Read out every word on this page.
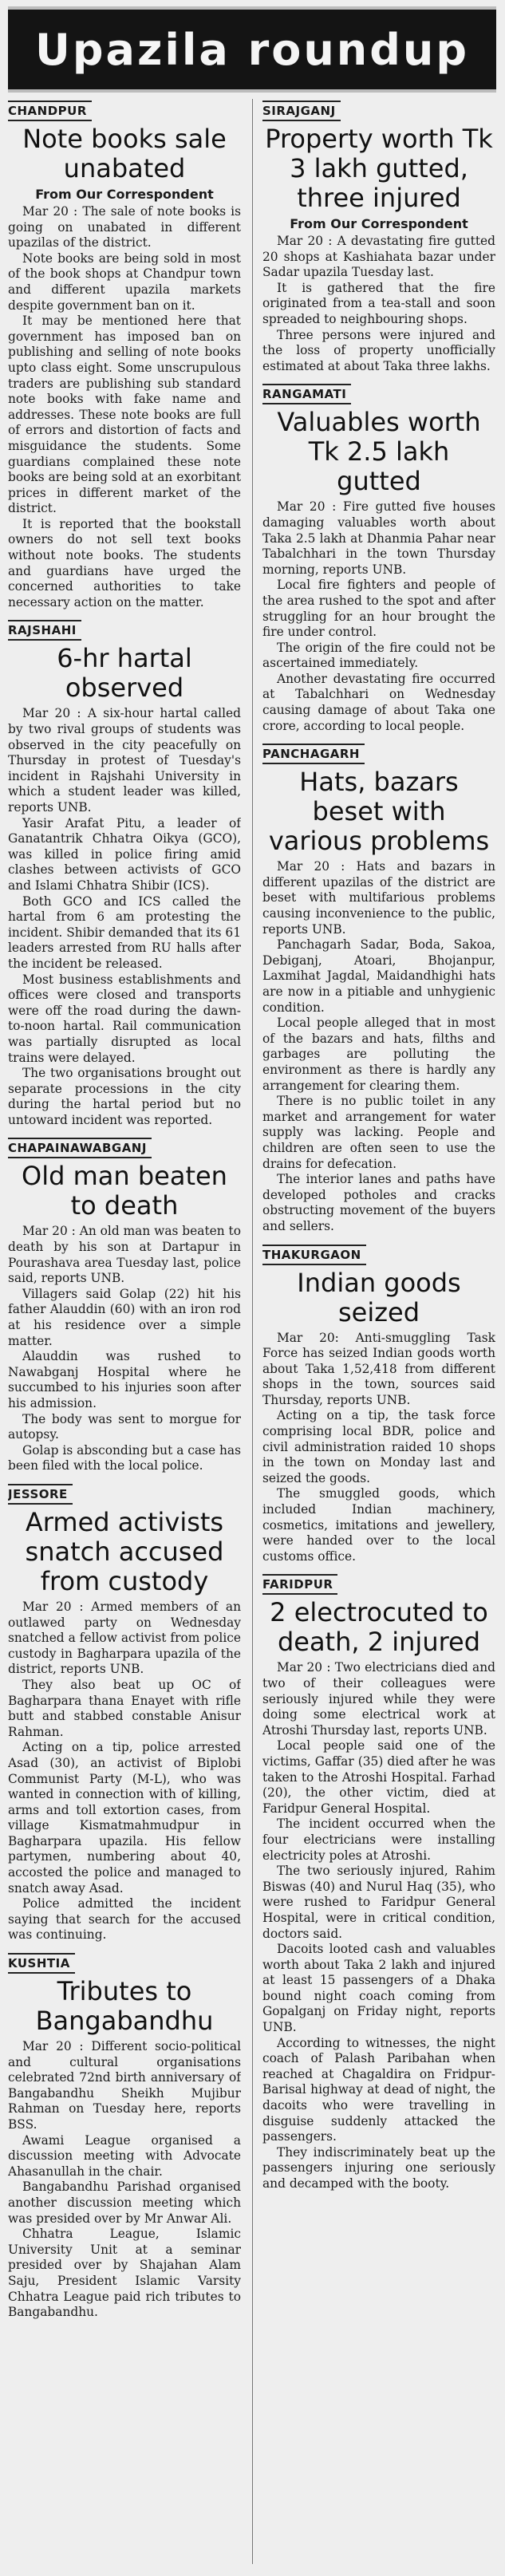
Upazila roundup
CHANDPUR
Note books sale unabated
From Our Correspondent

Mar 20 : The sale of note books is going on unabated in different upazilas of the district.

Note books are being sold in most of the book shops at Chandpur town and different upazila markets despite government ban on it.

It may be mentioned here that government has imposed ban on publishing and selling of note books upto class eight. Some unscrupulous traders are publishing sub standard note books with fake name and addresses. These note books are full of errors and distortion of facts and misguidance the students. Some guardians complained these note books are being sold at an exorbitant prices in different market of the district.

It is reported that the bookstall owners do not sell text books without note books. The students and guardians have urged the concerned authorities to take necessary action on the matter.

RAJSHAHI
6-hr hartal observed

Mar 20 : A six-hour hartal called by two rival groups of students was observed in the city peacefully on Thursday in protest of Tuesday's incident in Rajshahi University in which a student leader was killed, reports UNB.

Yasir Arafat Pitu, a leader of Ganatantrik Chhatra Oikya (GCO), was killed in police firing amid clashes between activists of GCO and Islami Chhatra Shibir (ICS).

Both GCO and ICS called the hartal from 6 am protesting the incident. Shibir demanded that its 61 leaders arrested from RU halls after the incident be released.

Most business establishments and offices were closed and transports were off the road during the dawn-to-noon hartal. Rail communication was partially disrupted as local trains were delayed.

The two organisations brought out separate processions in the city during the hartal period but no untoward incident was reported.

CHAPAINAWABGANJ
Old man beaten to death

Mar 20 : An old man was beaten to death by his son at Dartapur in Pourashava area Tuesday last, police said, reports UNB.

Villagers said Golap (22) hit his father Alauddin (60) with an iron rod at his residence over a simple matter.

Alauddin was rushed to Nawabganj Hospital where he succumbed to his injuries soon after his admission.

The body was sent to morgue for autopsy.

Golap is absconding but a case has been filed with the local police.

JESSORE
Armed activists snatch accused from custody

Mar 20 : Armed members of an outlawed party on Wednesday snatched a fellow activist from police custody in Bagharpara upazila of the district, reports UNB.

They also beat up OC of Bagharpara thana Enayet with rifle butt and stabbed constable Anisur Rahman.

Acting on a tip, police arrested Asad (30), an activist of Biplobi Communist Party (M-L), who was wanted in connection with of killing, arms and toll extortion cases, from village Kismatmahmudpur in Bagharpara upazila. His fellow partymen, numbering about 40, accosted the police and managed to snatch away Asad.

Police admitted the incident saying that search for the accused was continuing.

KUSHTIA
Tributes to Bangabandhu

Mar 20 : Different socio-political and cultural organisations celebrated 72nd birth anniversary of Bangabandhu Sheikh Mujibur Rahman on Tuesday here, reports BSS.

Awami League organised a discussion meeting with Advocate Ahasanullah in the chair.

Bangabandhu Parishad organised another discussion meeting which was presided over by Mr Anwar Ali.

Chhatra League, Islamic University Unit at a seminar presided over by Shajahan Alam Saju, President Islamic Varsity Chhatra League paid rich tributes to Bangabandhu.

SIRAJGANJ
Property worth Tk 3 lakh gutted, three injured
From Our Correspondent

Mar 20 : A devastating fire gutted 20 shops at Kashiahata bazar under Sadar upazila Tuesday last.

It is gathered that the fire originated from a tea-stall and soon spreaded to neighbouring shops.

Three persons were injured and the loss of property unofficially estimated at about Taka three lakhs.

RANGAMATI
Valuables worth Tk 2.5 lakh gutted

Mar 20 : Fire gutted five houses damaging valuables worth about Taka 2.5 lakh at Dhanmia Pahar near Tabalchhari in the town Thursday morning, reports UNB.

Local fire fighters and people of the area rushed to the spot and after struggling for an hour brought the fire under control.

The origin of the fire could not be ascertained immediately.

Another devastating fire occurred at Tabalchhari on Wednesday causing damage of about Taka one crore, according to local people.

PANCHAGARH
Hats, bazars beset with various problems

Mar 20 : Hats and bazars in different upazilas of the district are beset with multifarious problems causing inconvenience to the public, reports UNB.

Panchagarh Sadar, Boda, Sakoa, Debiganj, Atoari, Bhojanpur, Laxmihat Jagdal, Maidandhighi hats are now in a pitiable and unhygienic condition.

Local people alleged that in most of the bazars and hats, filths and garbages are polluting the environment as there is hardly any arrangement for clearing them.

There is no public toilet in any market and arrangement for water supply was lacking. People and children are often seen to use the drains for defecation.

The interior lanes and paths have developed potholes and cracks obstructing movement of the buyers and sellers.

THAKURGAON
Indian goods seized

Mar 20: Anti-smuggling Task Force has seized Indian goods worth about Taka 1,52,418 from different shops in the town, sources said Thursday, reports UNB.

Acting on a tip, the task force comprising local BDR, police and civil administration raided 10 shops in the town on Monday last and seized the goods.

The smuggled goods, which included Indian machinery, cosmetics, imitations and jewellery, were handed over to the local customs office.

FARIDPUR
2 electrocuted to death, 2 injured

Mar 20 : Two electricians died and two of their colleagues were seriously injured while they were doing some electrical work at Atroshi Thursday last, reports UNB.

Local people said one of the victims, Gaffar (35) died after he was taken to the Atroshi Hospital. Farhad (20), the other victim, died at Faridpur General Hospital.

The incident occurred when the four electricians were installing electricity poles at Atroshi.

The two seriously injured, Rahim Biswas (40) and Nurul Haq (35), who were rushed to Faridpur General Hospital, were in critical condition, doctors said.

Dacoits looted cash and valuables worth about Taka 2 lakh and injured at least 15 passengers of a Dhaka bound night coach coming from Gopalganj on Friday night, reports UNB.

According to witnesses, the night coach of Palash Paribahan when reached at Chagaldira on Fridpur-Barisal highway at dead of night, the dacoits who were travelling in disguise suddenly attacked the passengers.

They indiscriminately beat up the passengers injuring one seriously and decamped with the booty.
